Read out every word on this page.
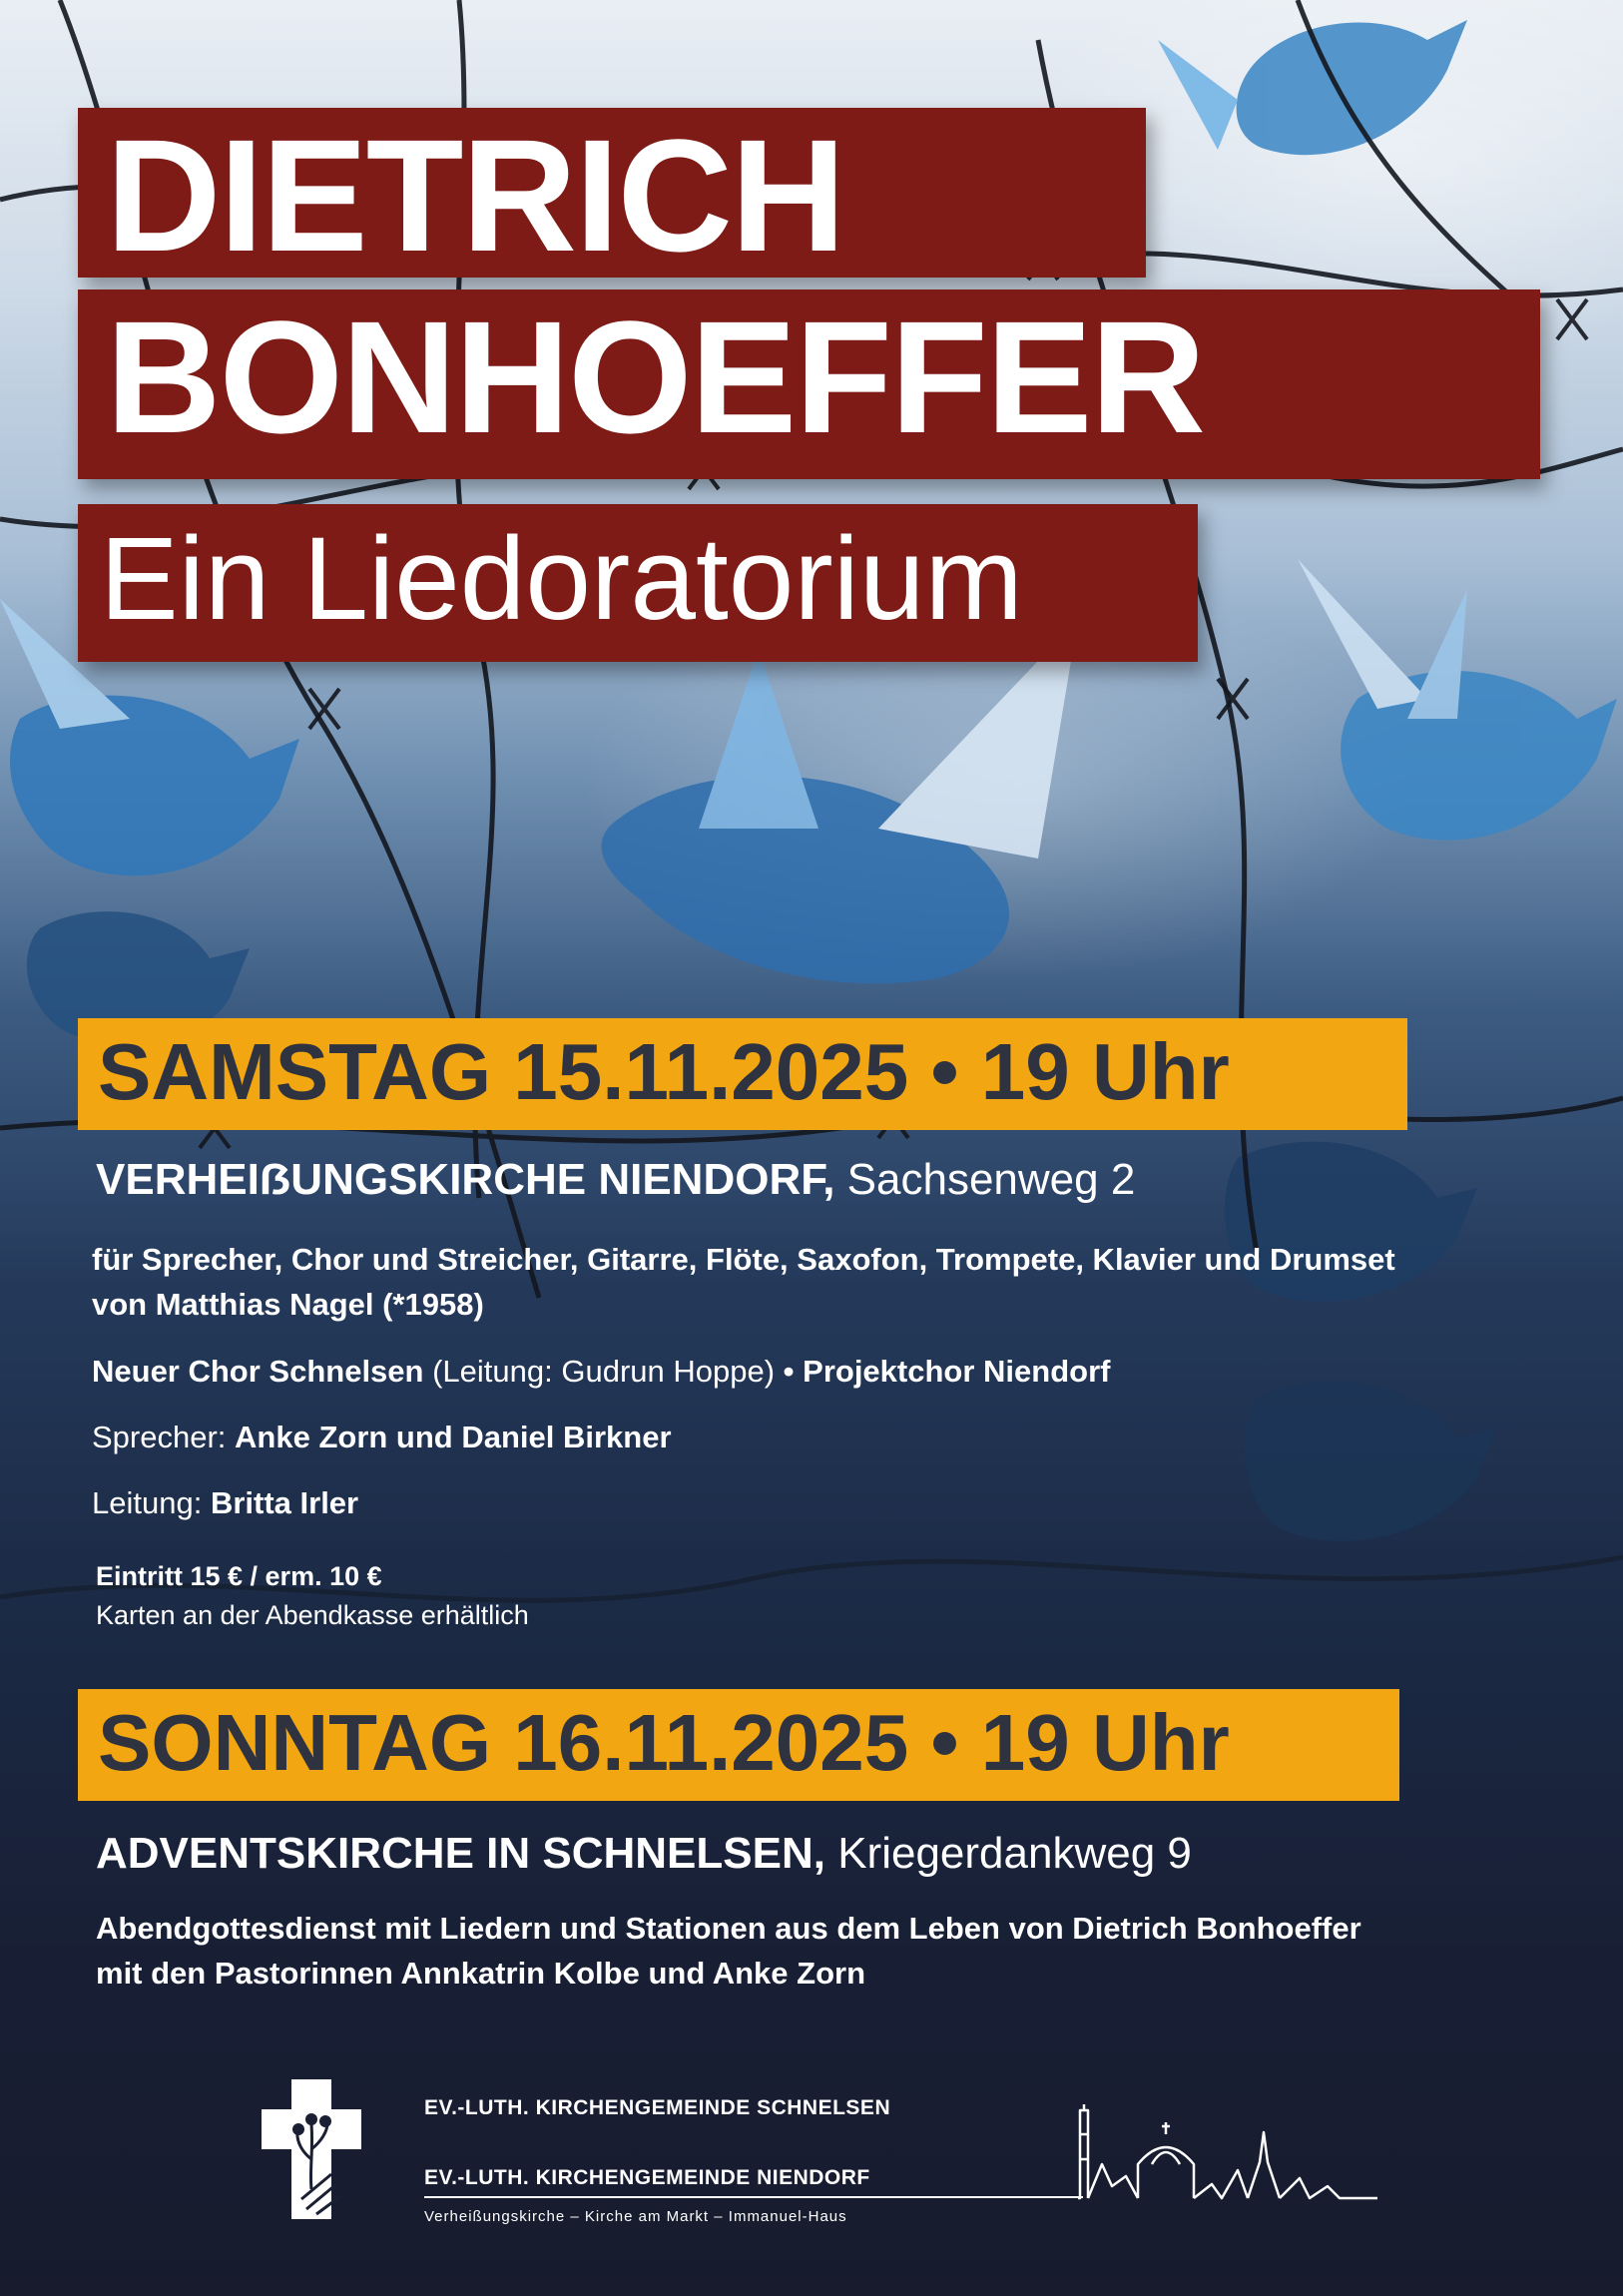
DIETRICH
BONHOEFFER
Ein Liedoratorium
SAMSTAG 15.11.2025 • 19 Uhr
VERHEIẞUNGSKIRCHE NIENDORF, Sachsenweg 2
für Sprecher, Chor und Streicher, Gitarre, Flöte, Saxofon, Trompete, Klavier und Drumset
von Matthias Nagel (*1958)
Neuer Chor Schnelsen (Leitung: Gudrun Hoppe) • Projektchor Niendorf
Sprecher: Anke Zorn und Daniel Birkner
Leitung: Britta Irler
Eintritt 15 € / erm. 10 €
Karten an der Abendkasse erhältlich
SONNTAG 16.11.2025 • 19 Uhr
ADVENTSKIRCHE IN SCHNELSEN, Kriegerdankweg 9
Abendgottesdienst mit Liedern und Stationen aus dem Leben von Dietrich Bonhoeffer
mit den Pastorinnen Annkatrin Kolbe und Anke Zorn
EV.-LUTH. KIRCHENGEMEINDE SCHNELSEN
EV.-LUTH. KIRCHENGEMEINDE NIENDORF
Verheißungskirche – Kirche am Markt – Immanuel-Haus
